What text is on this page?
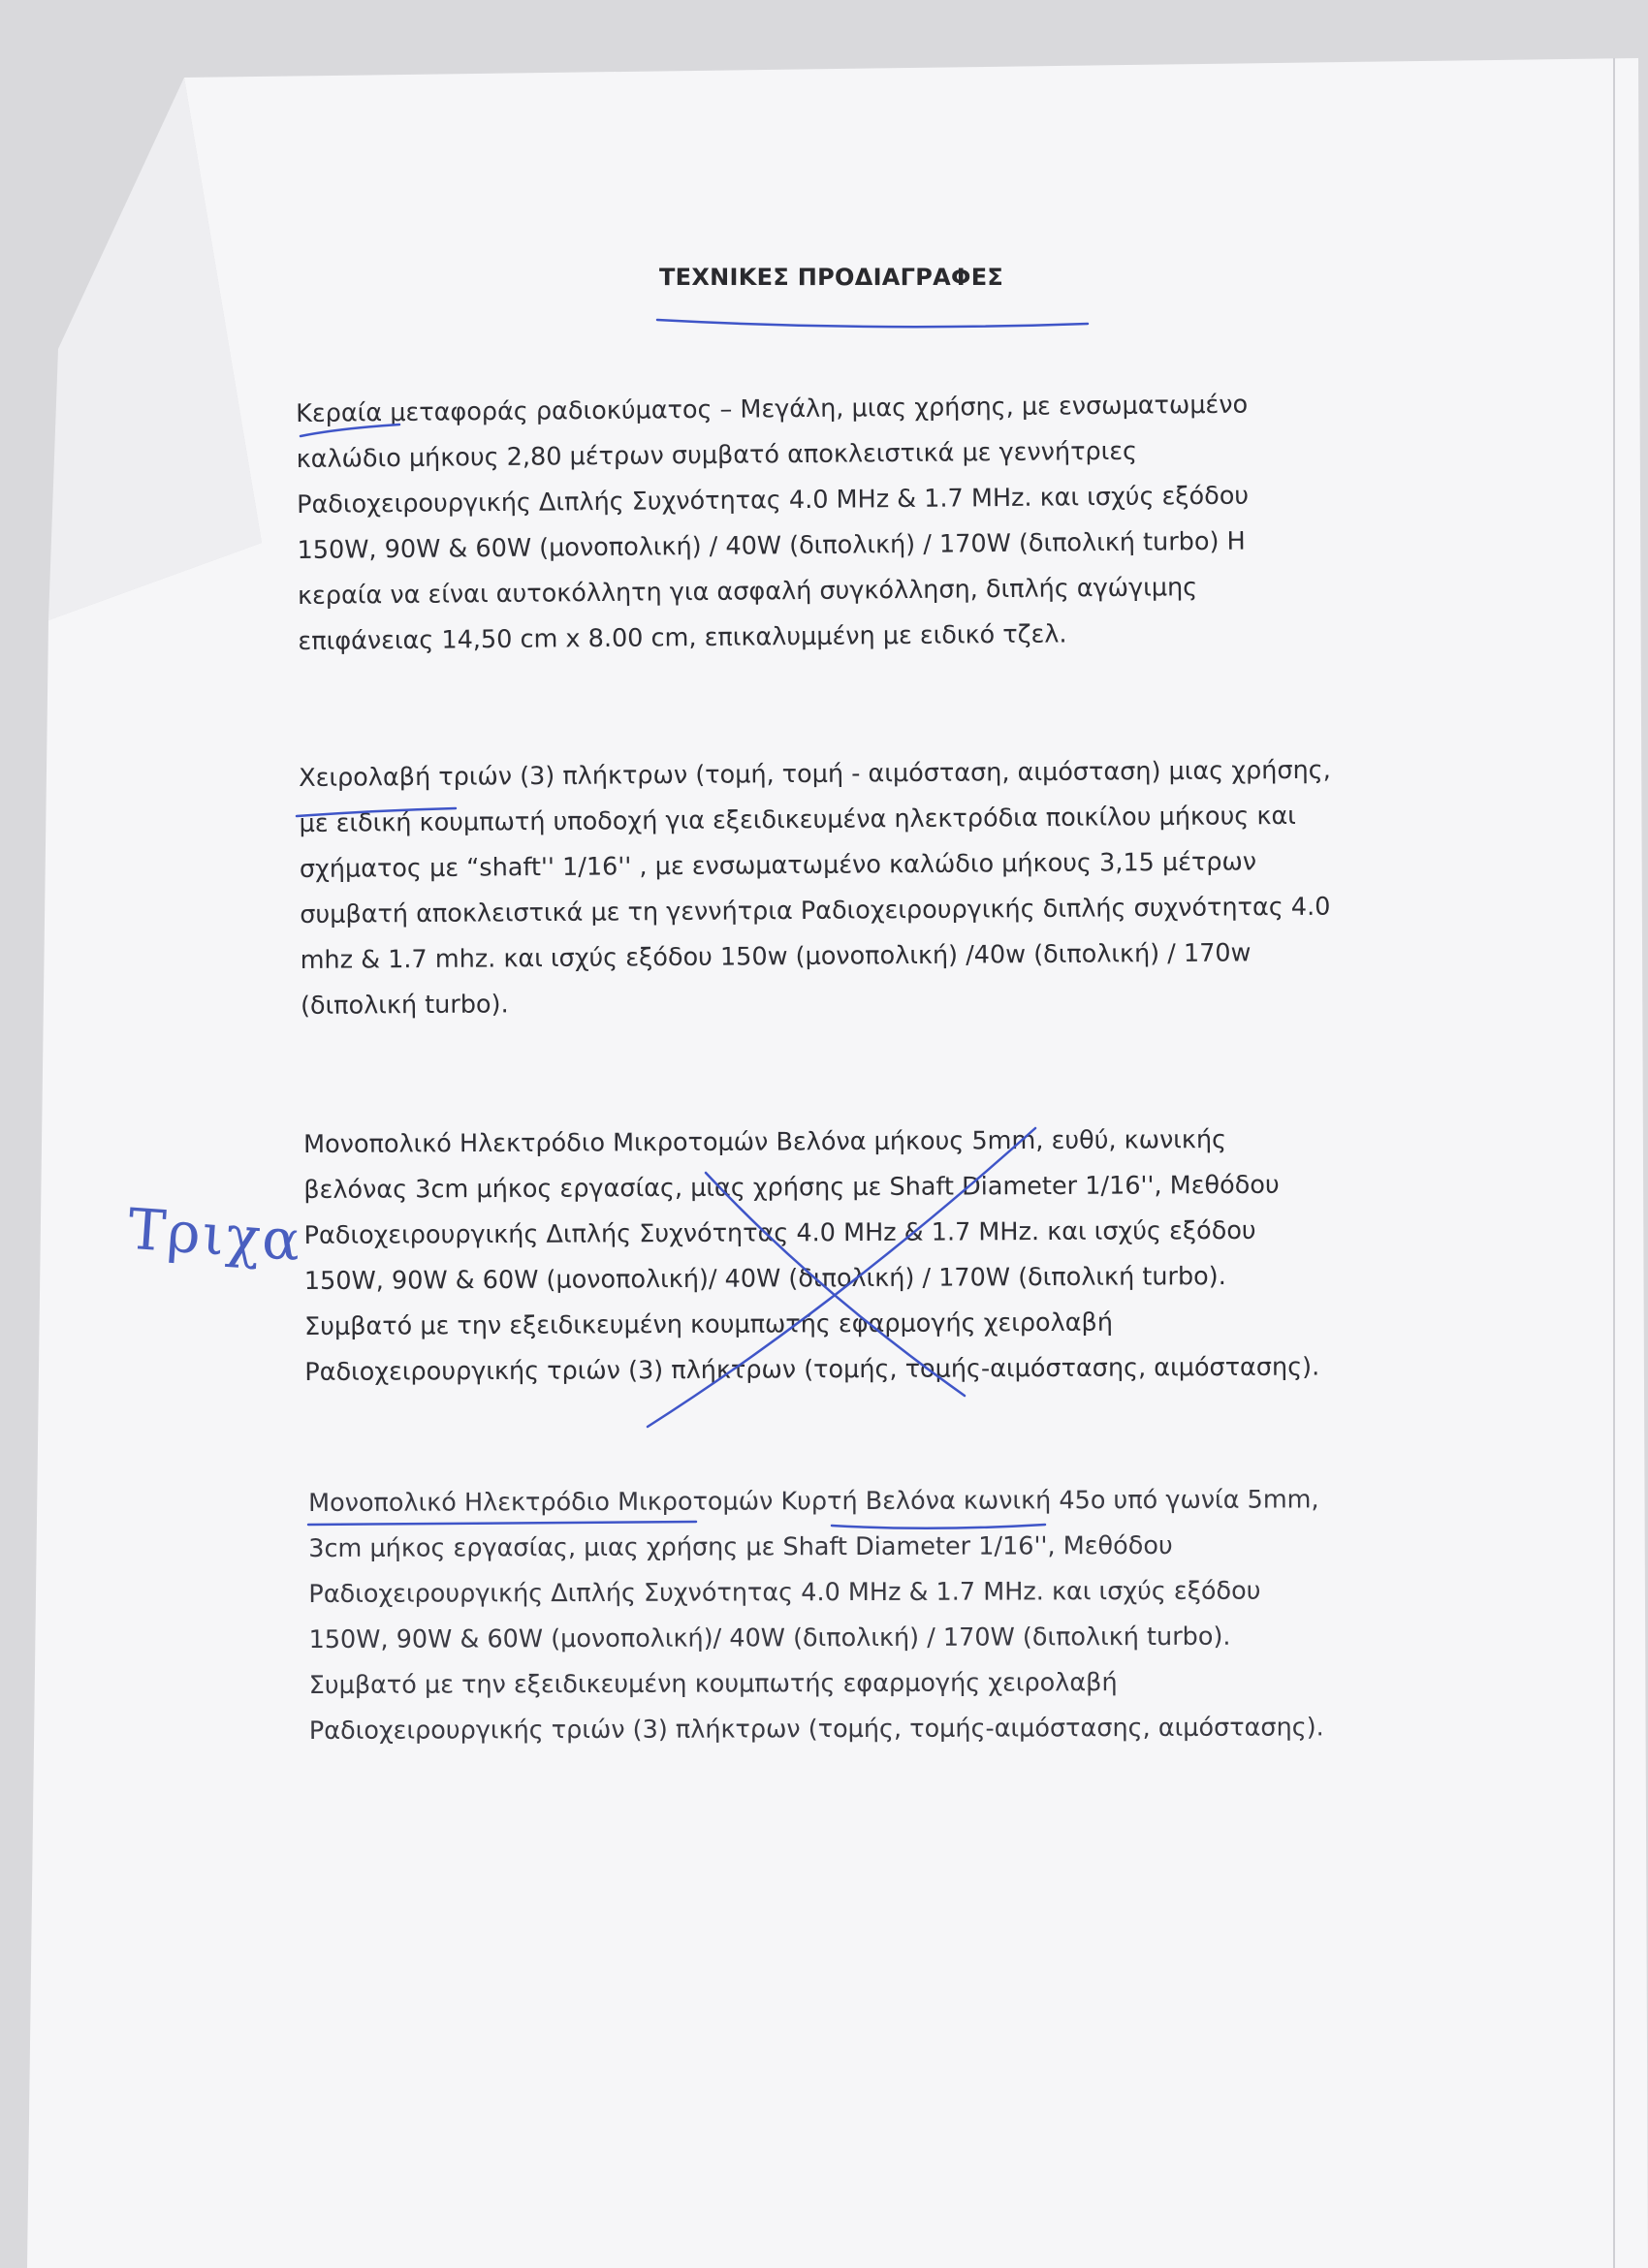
ΤΕΧΝΙΚΕΣ ΠΡΟΔΙΑΓΡΑΦΕΣ

Κεραία μεταφοράς ραδιοκύματος – Μεγάλη, μιας χρήσης, με ενσωματωμένο
καλώδιο μήκους 2,80 μέτρων συμβατό αποκλειστικά με γεννήτριες
Ραδιοχειρουργικής Διπλής Συχνότητας 4.0 MHz & 1.7 MHz. και ισχύς εξόδου
150W, 90W & 60W (μονοπολική) / 40W (διπολική) / 170W (διπολική turbo) Η
κεραία να είναι αυτοκόλλητη για ασφαλή συγκόλληση, διπλής αγώγιμης
επιφάνειας 14,50 cm x 8.00 cm, επικαλυμμένη με ειδικό τζελ.

Χειρολαβή τριών (3) πλήκτρων (τομή, τομή - αιμόσταση, αιμόσταση) μιας χρήσης,
με ειδική κουμπωτή υποδοχή για εξειδικευμένα ηλεκτρόδια ποικίλου μήκους και
σχήματος με “shaft'' 1/16'' , με ενσωματωμένο καλώδιο μήκους 3,15 μέτρων
συμβατή αποκλειστικά με τη γεννήτρια Ραδιοχειρουργικής διπλής συχνότητας 4.0
mhz & 1.7 mhz. και ισχύς εξόδου 150w (μονοπολική) /40w (διπολική) / 170w
(διπολική turbo).

Μονοπολικό Ηλεκτρόδιο Μικροτομών Βελόνα μήκους 5mm, ευθύ, κωνικής
βελόνας 3cm μήκος εργασίας, μιας χρήσης με Shaft Diameter 1/16'', Μεθόδου
Ραδιοχειρουργικής Διπλής Συχνότητας 4.0 MHz & 1.7 MHz. και ισχύς εξόδου
150W, 90W & 60W (μονοπολική)/ 40W (διπολική) / 170W (διπολική turbo).
Συμβατό με την εξειδικευμένη κουμπωτής εφαρμογής χειρολαβή
Ραδιοχειρουργικής τριών (3) πλήκτρων (τομής, τομής-αιμόστασης, αιμόστασης).

Μονοπολικό Ηλεκτρόδιο Μικροτομών Κυρτή Βελόνα κωνική 45ο υπό γωνία 5mm,
3cm μήκος εργασίας, μιας χρήσης με Shaft Diameter 1/16'', Μεθόδου
Ραδιοχειρουργικής Διπλής Συχνότητας 4.0 MHz & 1.7 MHz. και ισχύς εξόδου
150W, 90W & 60W (μονοπολική)/ 40W (διπολική) / 170W (διπολική turbo).
Συμβατό με την εξειδικευμένη κουμπωτής εφαρμογής χειρολαβή
Ραδιοχειρουργικής τριών (3) πλήκτρων (τομής, τομής-αιμόστασης, αιμόστασης).

Τριχα
